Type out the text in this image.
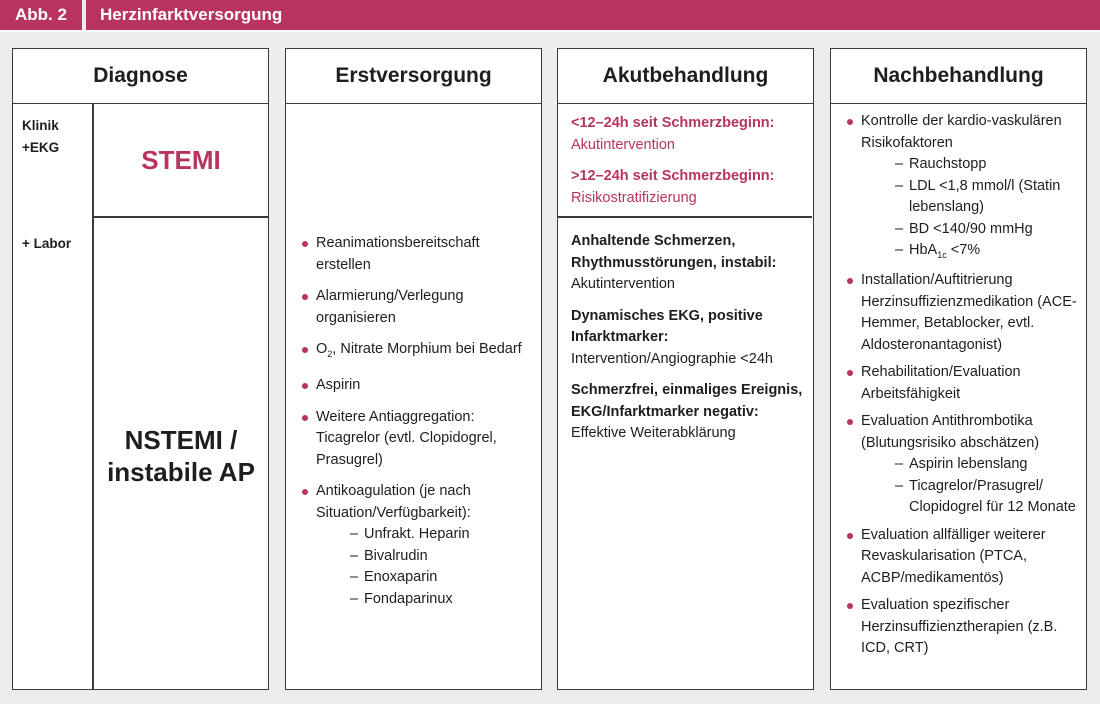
Abb. 2	Herzinfarktversorgung
Diagnose
Klinik
+EKG
+ Labor
STEMI
NSTEMI /
instabile AP
Erstversorgung
Reanimationsbereitschaft erstellen
Alarmierung/Verlegung organisieren
$O_2$, Nitrate Morphium bei Bedarf
Aspirin
Weitere Antiaggregation: Ticagrelor (evtl. Clopidogrel, Prasugrel)
Antikoagulation (je nach Situation/Verfügbarkeit):
– Unfrakt. Heparin
– Bivalrudin
– Enoxaparin
– Fondaparinux
Akutbehandlung
<12–24h seit Schmerzbeginn:
Akutintervention
>12–24h seit Schmerzbeginn:
Risikostratifizierung
Anhaltende Schmerzen, Rhythmusstörungen, instabil:
Akutintervention
Dynamisches EKG, positive Infarktmarker:
Intervention/Angiographie <24h
Schmerzfrei, einmaliges Ereignis, EKG/Infarktmarker negativ:
Effektive Weiterabklärung
Nachbehandlung
Kontrolle der kardio-vaskulären Risikofaktoren
– Rauchstopp
– LDL <1,8 mmol/l (Statin lebenslang)
– BD <140/90 mmHg
– HbA$_{1c}$ <7%
Installation/Auftitrierung Herzinsuffizienzmedikation (ACE-Hemmer, Betablocker, evtl. Aldosteronantagonist)
Rehabilitation/Evaluation Arbeitsfähigkeit
Evaluation Antithrombotika (Blutungsrisiko abschätzen)
– Aspirin lebenslang
– Ticagrelor/Prasugrel/ Clopidogrel für 12 Monate
Evaluation allfälliger weiterer Revaskularisation (PTCA, ACBP/medikamentös)
Evaluation spezifischer Herzinsuffizienztherapien (z.B. ICD, CRT)
